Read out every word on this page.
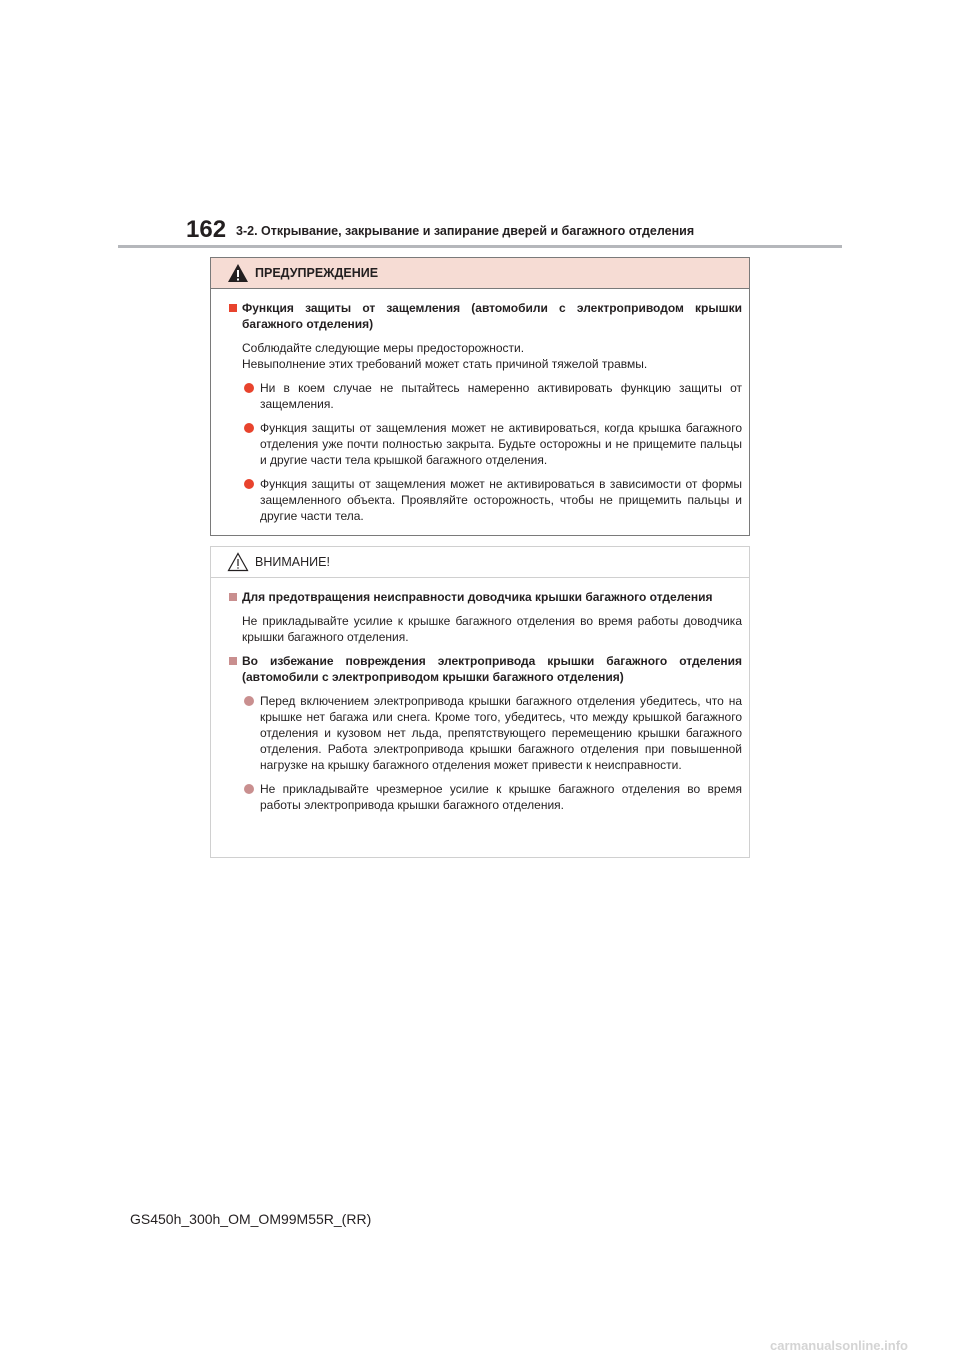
162 3-2. Открывание, закрывание и запирание дверей и багажного отделения
ПРЕДУПРЕЖДЕНИЕ
Функция защиты от защемления (автомобили с электроприводом крышки багажного отделения)
Соблюдайте следующие меры предосторожности.
Невыполнение этих требований может стать причиной тяжелой травмы.
Ни в коем случае не пытайтесь намеренно активировать функцию защиты от защемления.
Функция защиты от защемления может не активироваться, когда крышка багажного отделения уже почти полностью закрыта. Будьте осторожны и не прищемите пальцы и другие части тела крышкой багажного отделения.
Функция защиты от защемления может не активироваться в зависимости от формы защемленного объекта. Проявляйте осторожность, чтобы не прищемить пальцы и другие части тела.
ВНИМАНИЕ!
Для предотвращения неисправности доводчика крышки багажного отделения
Не прикладывайте усилие к крышке багажного отделения во время работы доводчика крышки багажного отделения.
Во избежание повреждения электропривода крышки багажного отделения (автомобили с электроприводом крышки багажного отделения)
Перед включением электропривода крышки багажного отделения убедитесь, что на крышке нет багажа или снега. Кроме того, убедитесь, что между крышкой багажного отделения и кузовом нет льда, препятствующего перемещению крышки багажного отделения. Работа электропривода крышки багажного отделения при повышенной нагрузке на крышку багажного отделения может привести к неисправности.
Не прикладывайте чрезмерное усилие к крышке багажного отделения во время работы электропривода крышки багажного отделения.
GS450h_300h_OM_OM99M55R_(RR)
carmanualsonline.info
